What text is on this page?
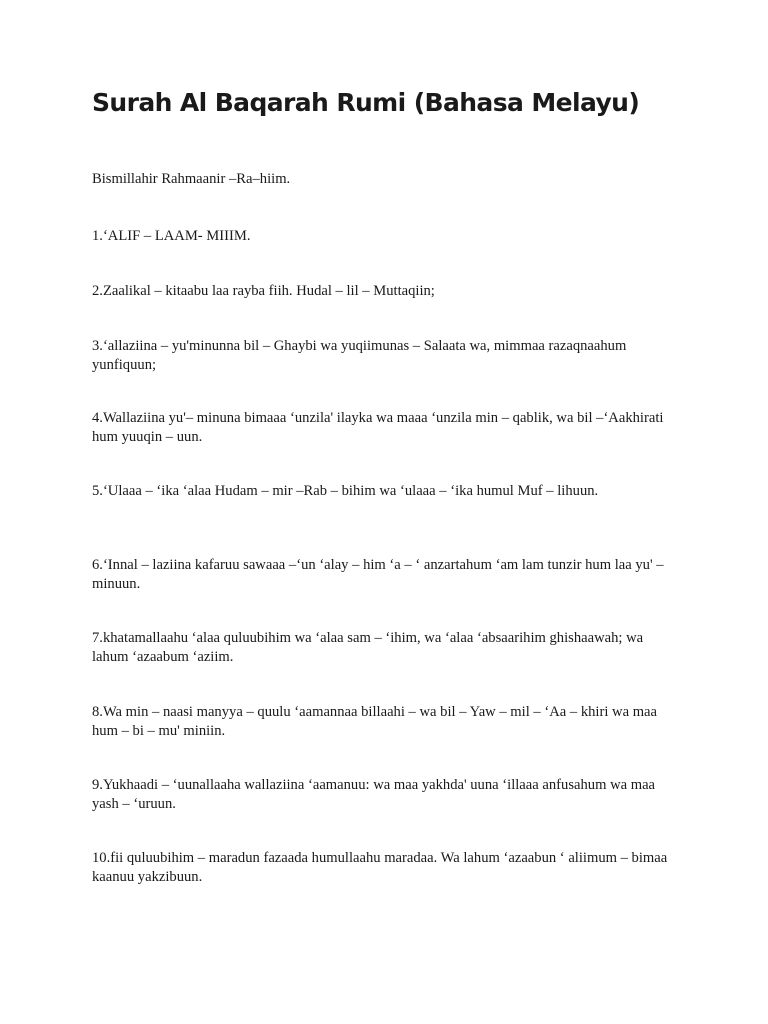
Surah Al Baqarah Rumi (Bahasa Melayu)

Bismillahir Rahmaanir –Ra–hiim.

1.‘ALIF – LAAM- MIIIM.

2.Zaalikal – kitaabu laa rayba fiih. Hudal – lil – Muttaqiin;

3.‘allaziina – yu'minunna bil – Ghaybi wa yuqiimunas – Salaata wa, mimmaa razaqnaahum yunfiquun;

4.Wallaziina yu'– minuna bimaaa ‘unzila' ilayka wa maaa ‘unzila min – qablik, wa bil –‘Aakhirati hum yuuqin – uun.

5.‘Ulaaa – ‘ika ‘alaa Hudam – mir –Rab – bihim wa ‘ulaaa – ‘ika humul Muf – lihuun.

6.‘Innal – laziina kafaruu sawaaa –‘un ‘alay – him ‘a – ‘ anzartahum ‘am lam tunzir hum laa yu' –minuun.

7.khatamallaahu ‘alaa quluubihim wa ‘alaa sam – ‘ihim, wa ‘alaa ‘absaarihim ghishaawah; wa lahum ‘azaabum ‘aziim.

8.Wa min – naasi manyya – quulu ‘aamannaa billaahi – wa bil – Yaw – mil – ‘Aa – khiri wa maa hum – bi – mu' miniin.

9.Yukhaadi – ‘uunallaaha wallaziina ‘aamanuu: wa maa yakhda' uuna ‘illaaa anfusahum wa maa yash – ‘uruun.

10.fii quluubihim – maradun fazaada humullaahu maradaa. Wa lahum ‘azaabun ‘ aliimum – bimaa kaanuu yakzibuun.
